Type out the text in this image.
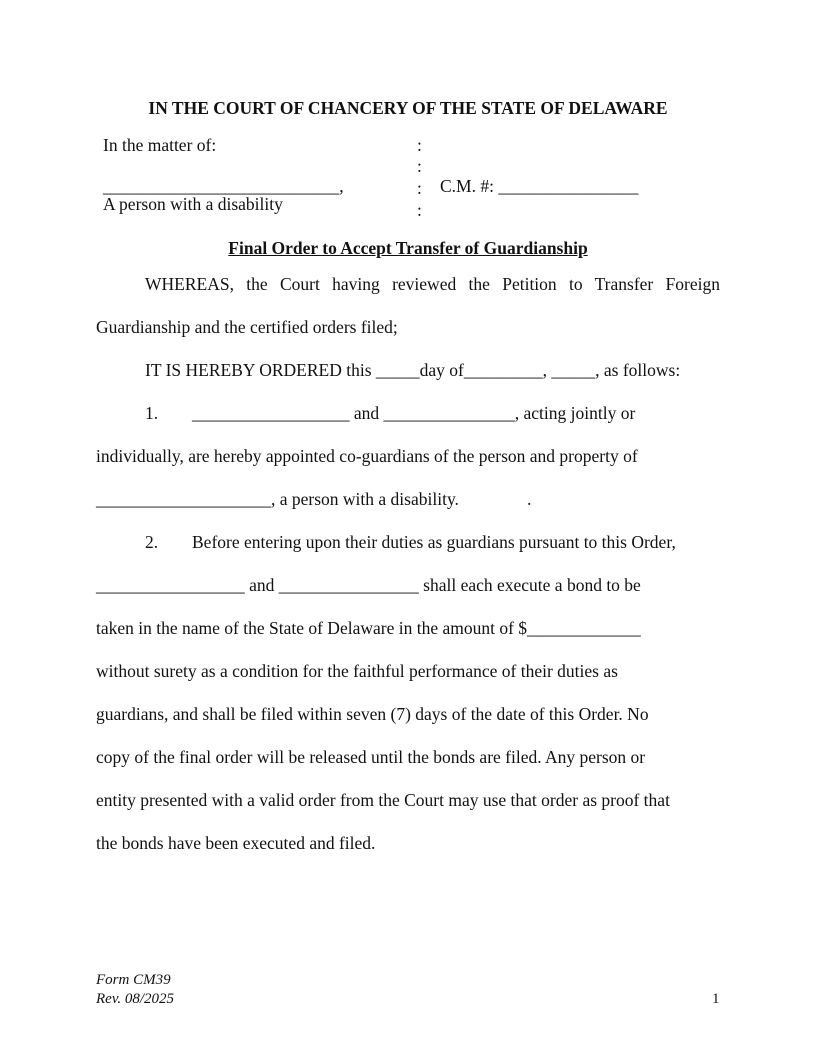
IN THE COURT OF CHANCERY OF THE STATE OF DELAWARE
In the matter of:
___________________________,
A person with a disability
:
:
:
:
C.M. #: ________________
Final Order to Accept Transfer of Guardianship
WHEREAS, the Court having reviewed the Petition to Transfer Foreign
Guardianship and the certified orders filed;
IT IS HEREBY ORDERED this _____day of_________, _____, as follows:
1. __________________ and _______________, acting jointly or
individually, are hereby appointed co-guardians of the person and property of
____________________, a person with a disability.	.
2. Before entering upon their duties as guardians pursuant to this Order,
_________________ and ________________ shall each execute a bond to be
taken in the name of the State of Delaware in the amount of $_____________
without surety as a condition for the faithful performance of their duties as
guardians, and shall be filed within seven (7) days of the date of this Order. No
copy of the final order will be released until the bonds are filed. Any person or
entity presented with a valid order from the Court may use that order as proof that
the bonds have been executed and filed.
Form CM39
Rev. 08/2025	1
